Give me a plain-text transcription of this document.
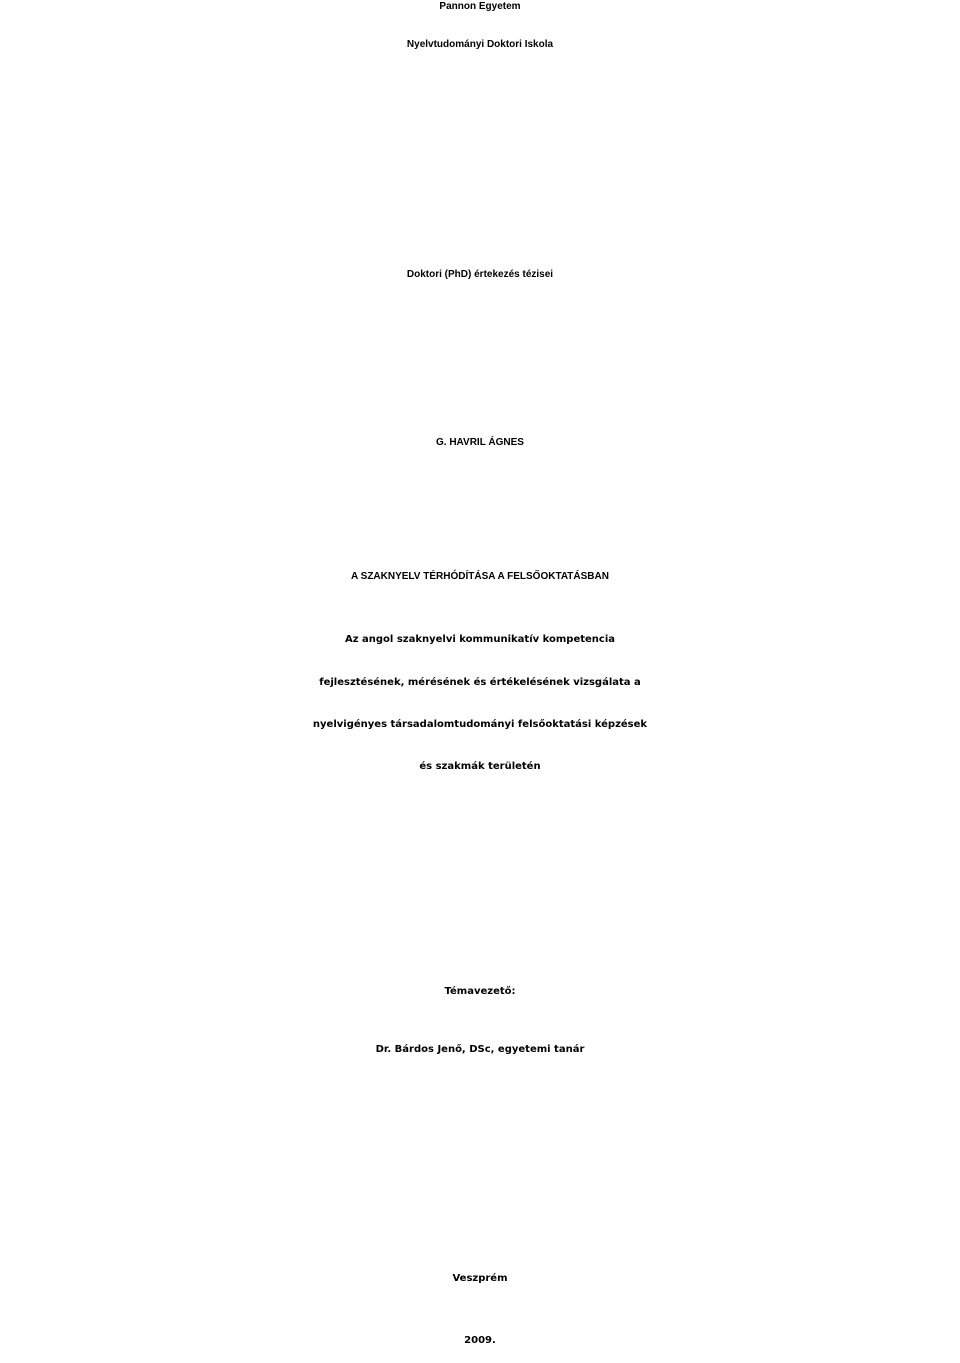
Pannon Egyetem
Nyelvtudományi Doktori Iskola
Doktori (PhD) értekezés tézisei
G. HAVRIL ÁGNES
A SZAKNYELV TÉRHÓDÍTÁSA A FELSŐOKTATÁSBAN
Az angol szaknyelvi kommunikatív kompetencia
fejlesztésének, mérésének és értékelésének vizsgálata a
nyelvigényes társadalomtudományi felsőoktatási képzések
és szakmák területén
Témavezető:
Dr. Bárdos Jenő, DSc, egyetemi tanár
Veszprém
2009.
